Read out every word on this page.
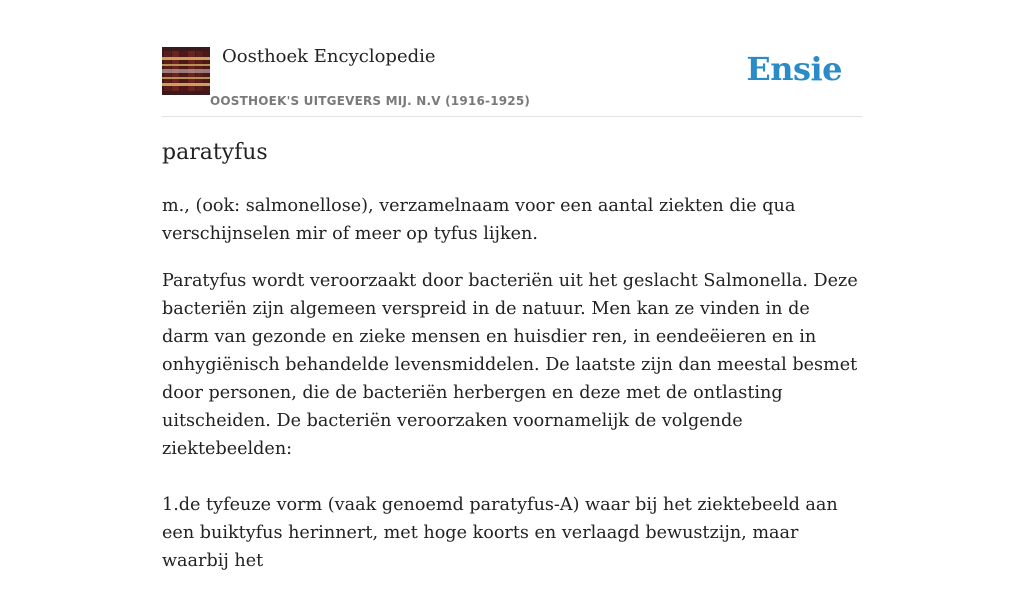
Oosthoek Encyclopedie
OOSTHOEK'S UITGEVERS MIJ. N.V (1916-1925)
Ensie
paratyfus

m., (ook: salmonellose), verzamelnaam voor een aantal ziekten die qua verschijnselen mir of meer op tyfus lijken.

Paratyfus wordt veroorzaakt door bacteriën uit het geslacht Salmonella. Deze bacteriën zijn algemeen verspreid in de natuur. Men kan ze vinden in de darm van gezonde en zieke mensen en huisdier ren, in eendeëieren en in onhygiënisch behandelde levensmiddelen. De laatste zijn dan meestal besmet door personen, die de bacteriën herbergen en deze met de ontlasting uitscheiden. De bacteriën veroorzaken voornamelijk de volgende ziektebeelden:

1.de tyfeuze vorm (vaak genoemd paratyfus-A) waar bij het ziektebeeld aan een buiktyfus herinnert, met hoge koorts en verlaagd bewustzijn, maar waarbij het
